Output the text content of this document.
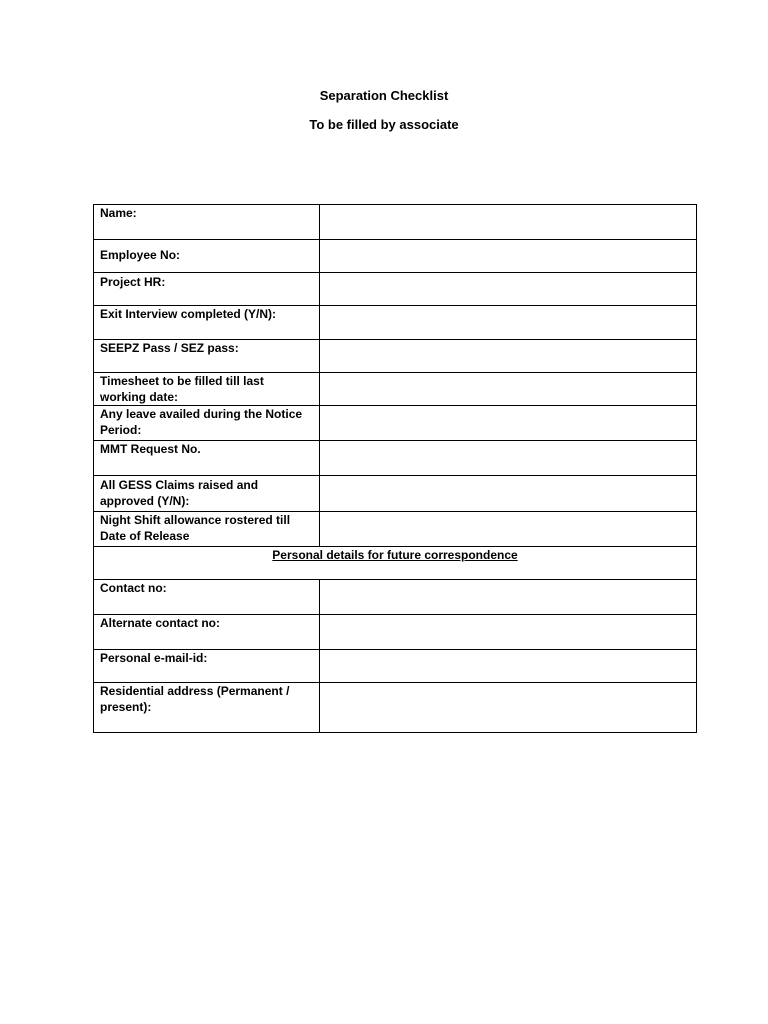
Separation Checklist
To be filled by associate
Name:	
Employee No:	
Project HR:	
Exit Interview completed (Y/N):	
SEEPZ Pass / SEZ pass:	
Timesheet to be filled till last working date:	
Any leave availed during the Notice Period:	
MMT Request No.	
All GESS Claims raised and approved (Y/N):	
Night Shift allowance rostered till Date of Release	
Personal details for future correspondence	
Contact no:	
Alternate contact no:	
Personal e-mail-id:	
Residential address (Permanent / present):	
